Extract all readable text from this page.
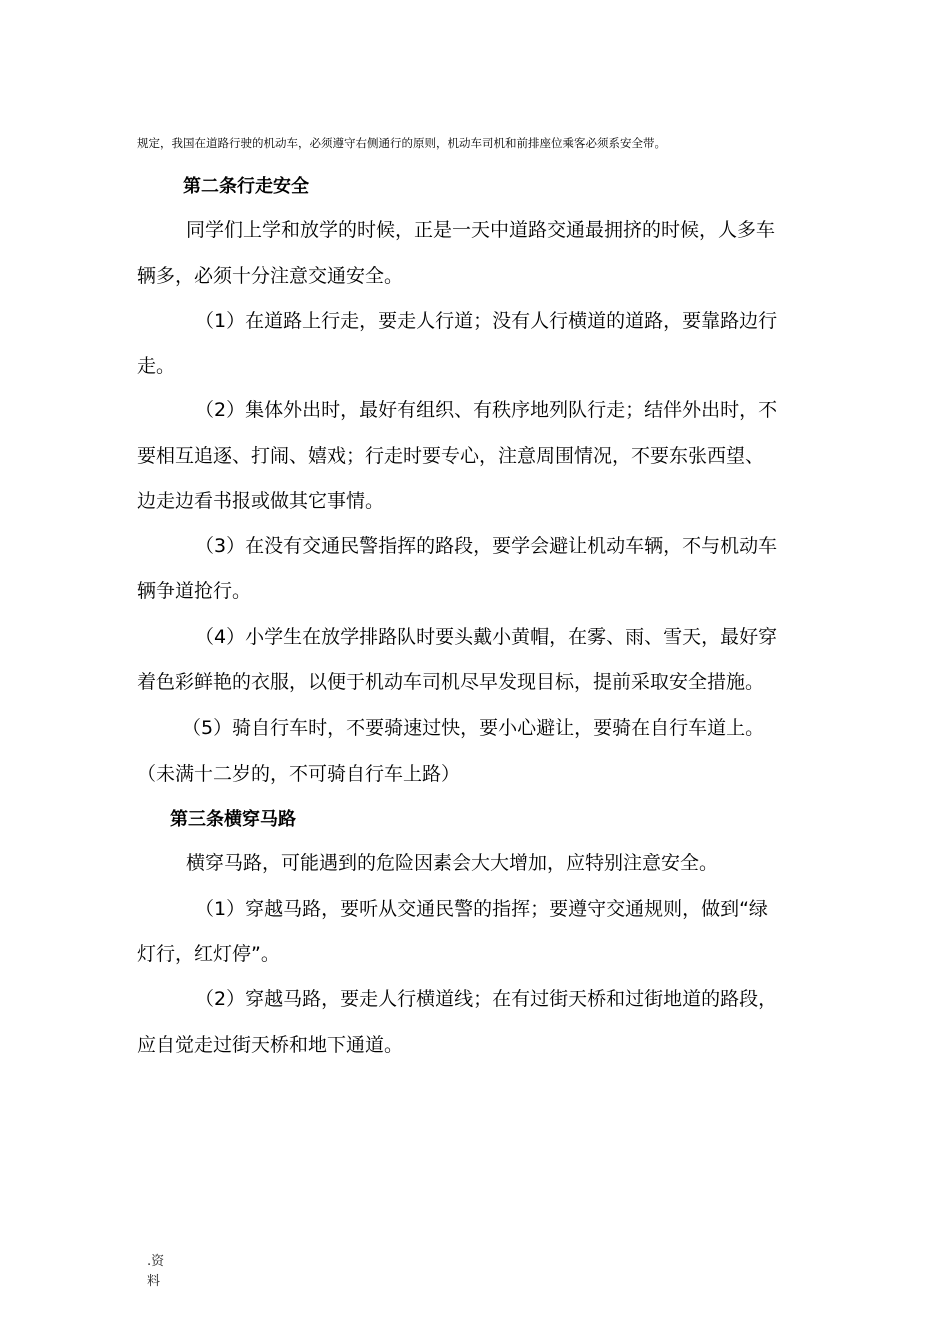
规定，我国在道路行驶的机动车，必须遵守右侧通行的原则，机动车司机和前排座位乘客必须系安全带。
第二条行走安全
同学们上学和放学的时候，正是一天中道路交通最拥挤的时候，人多车
辆多，必须十分注意交通安全。
（1）在道路上行走，要走人行道；没有人行横道的道路，要靠路边行
走。
（2）集体外出时，最好有组织、有秩序地列队行走；结伴外出时，不
要相互追逐、打闹、嬉戏；行走时要专心，注意周围情况，不要东张西望、
边走边看书报或做其它事情。
（3）在没有交通民警指挥的路段，要学会避让机动车辆，不与机动车
辆争道抢行。
（4）小学生在放学排路队时要头戴小黄帽，在雾、雨、雪天，最好穿
着色彩鲜艳的衣服，以便于机动车司机尽早发现目标，提前采取安全措施。
（5）骑自行车时，不要骑速过快，要小心避让，要骑在自行车道上。
（未满十二岁的，不可骑自行车上路）
第三条横穿马路
横穿马路，可能遇到的危险因素会大大增加，应特别注意安全。
（1）穿越马路，要听从交通民警的指挥；要遵守交通规则，做到“绿
灯行，红灯停”。
（2）穿越马路，要走人行横道线；在有过街天桥和过街地道的路段，
应自觉走过街天桥和地下通道。
.资
料
